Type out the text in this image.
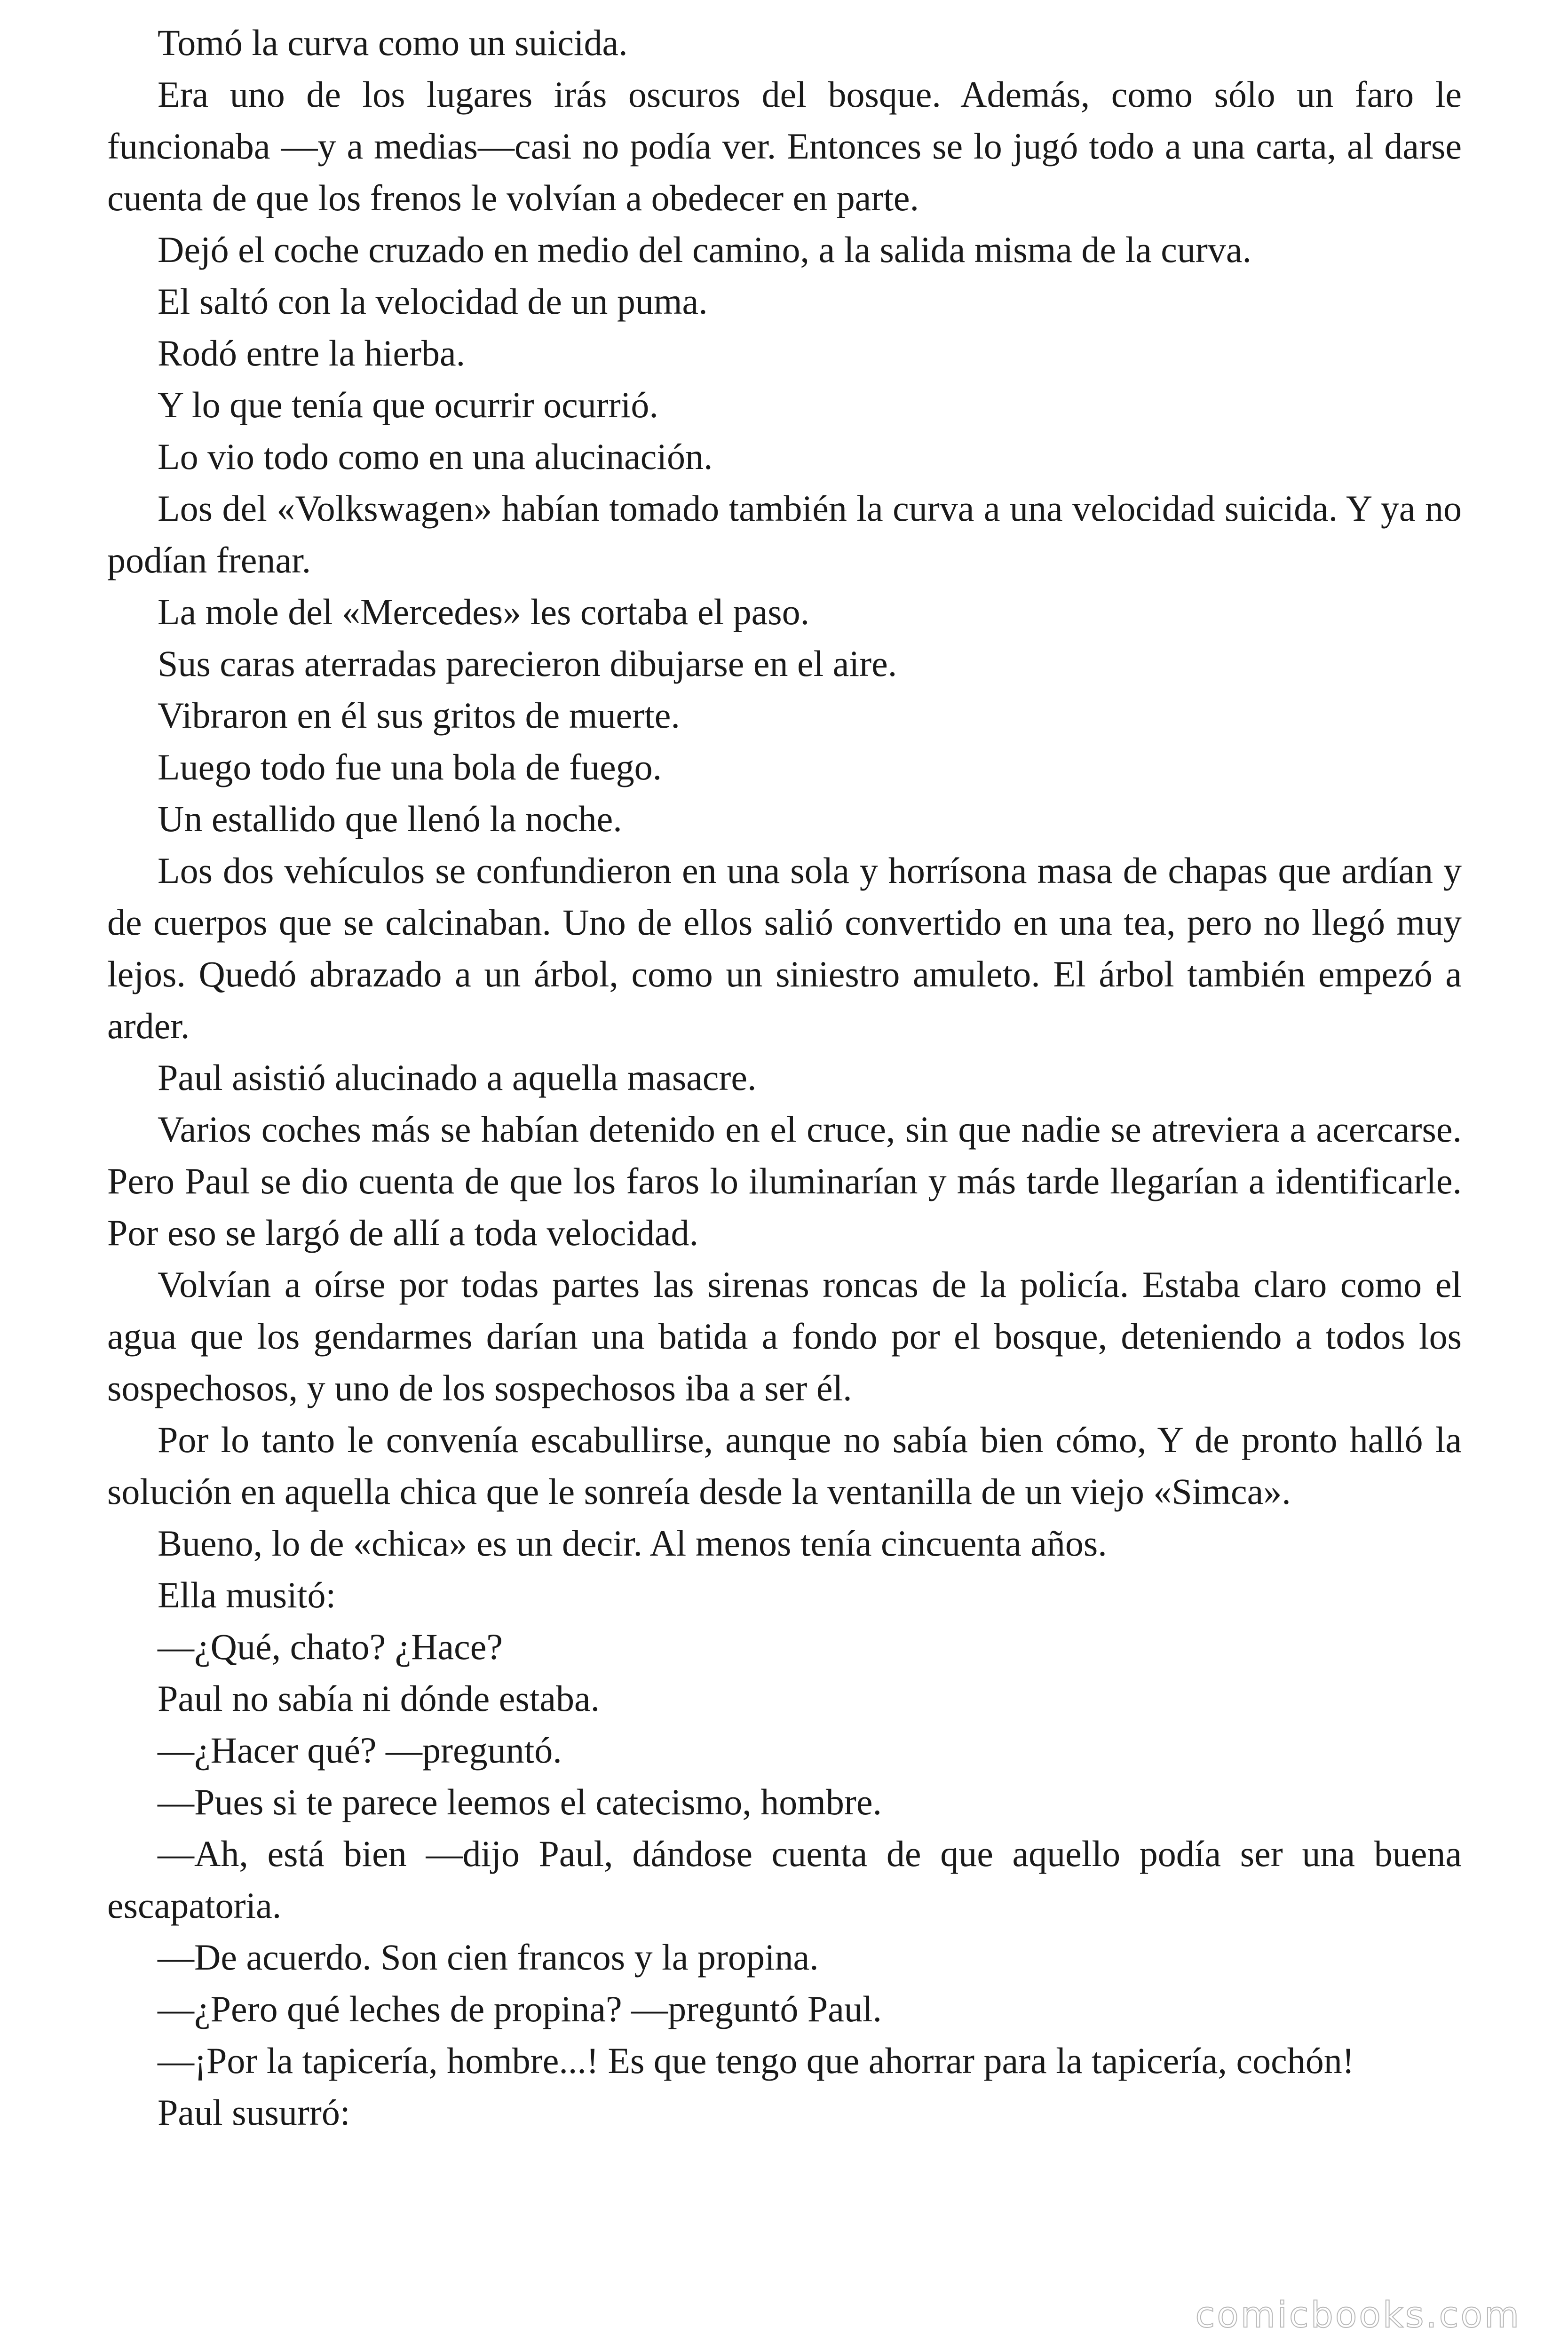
Tomó la curva como un suicida.

Era uno de los lugares irás oscuros del bosque. Además, como sólo un faro le funcionaba —y a medias—casi no podía ver. Entonces se lo jugó todo a una carta, al darse cuenta de que los frenos le volvían a obedecer en parte.

Dejó el coche cruzado en medio del camino, a la salida misma de la curva.

El saltó con la velocidad de un puma.

Rodó entre la hierba.

Y lo que tenía que ocurrir ocurrió.

Lo vio todo como en una alucinación.

Los del «Volkswagen» habían tomado también la curva a una velocidad suicida. Y ya no podían frenar.

La mole del «Mercedes» les cortaba el paso.

Sus caras aterradas parecieron dibujarse en el aire.

Vibraron en él sus gritos de muerte.

Luego todo fue una bola de fuego.

Un estallido que llenó la noche.

Los dos vehículos se confundieron en una sola y horrísona masa de chapas que ardían y de cuerpos que se calcinaban. Uno de ellos salió convertido en una tea, pero no llegó muy lejos. Quedó abrazado a un árbol, como un siniestro amuleto. El árbol también empezó a arder.

Paul asistió alucinado a aquella masacre.

Varios coches más se habían detenido en el cruce, sin que nadie se atreviera a acercarse. Pero Paul se dio cuenta de que los faros lo iluminarían y más tarde llegarían a identificarle. Por eso se largó de allí a toda velocidad.

Volvían a oírse por todas partes las sirenas roncas de la policía. Estaba claro como el agua que los gendarmes darían una batida a fondo por el bosque, deteniendo a todos los sospechosos, y uno de los sospechosos iba a ser él.

Por lo tanto le convenía escabullirse, aunque no sabía bien cómo, Y de pronto halló la solución en aquella chica que le sonreía desde la ventanilla de un viejo «Simca».

Bueno, lo de «chica» es un decir. Al menos tenía cincuenta años.

Ella musitó:

—¿Qué, chato? ¿Hace?

Paul no sabía ni dónde estaba.

—¿Hacer qué? —preguntó.

—Pues si te parece leemos el catecismo, hombre.

—Ah, está bien —dijo Paul, dándose cuenta de que aquello podía ser una buena escapatoria.

—De acuerdo. Son cien francos y la propina.

—¿Pero qué leches de propina? —preguntó Paul.

—¡Por la tapicería, hombre...! Es que tengo que ahorrar para la tapicería, cochón!

Paul susurró:

comicbooks.com
